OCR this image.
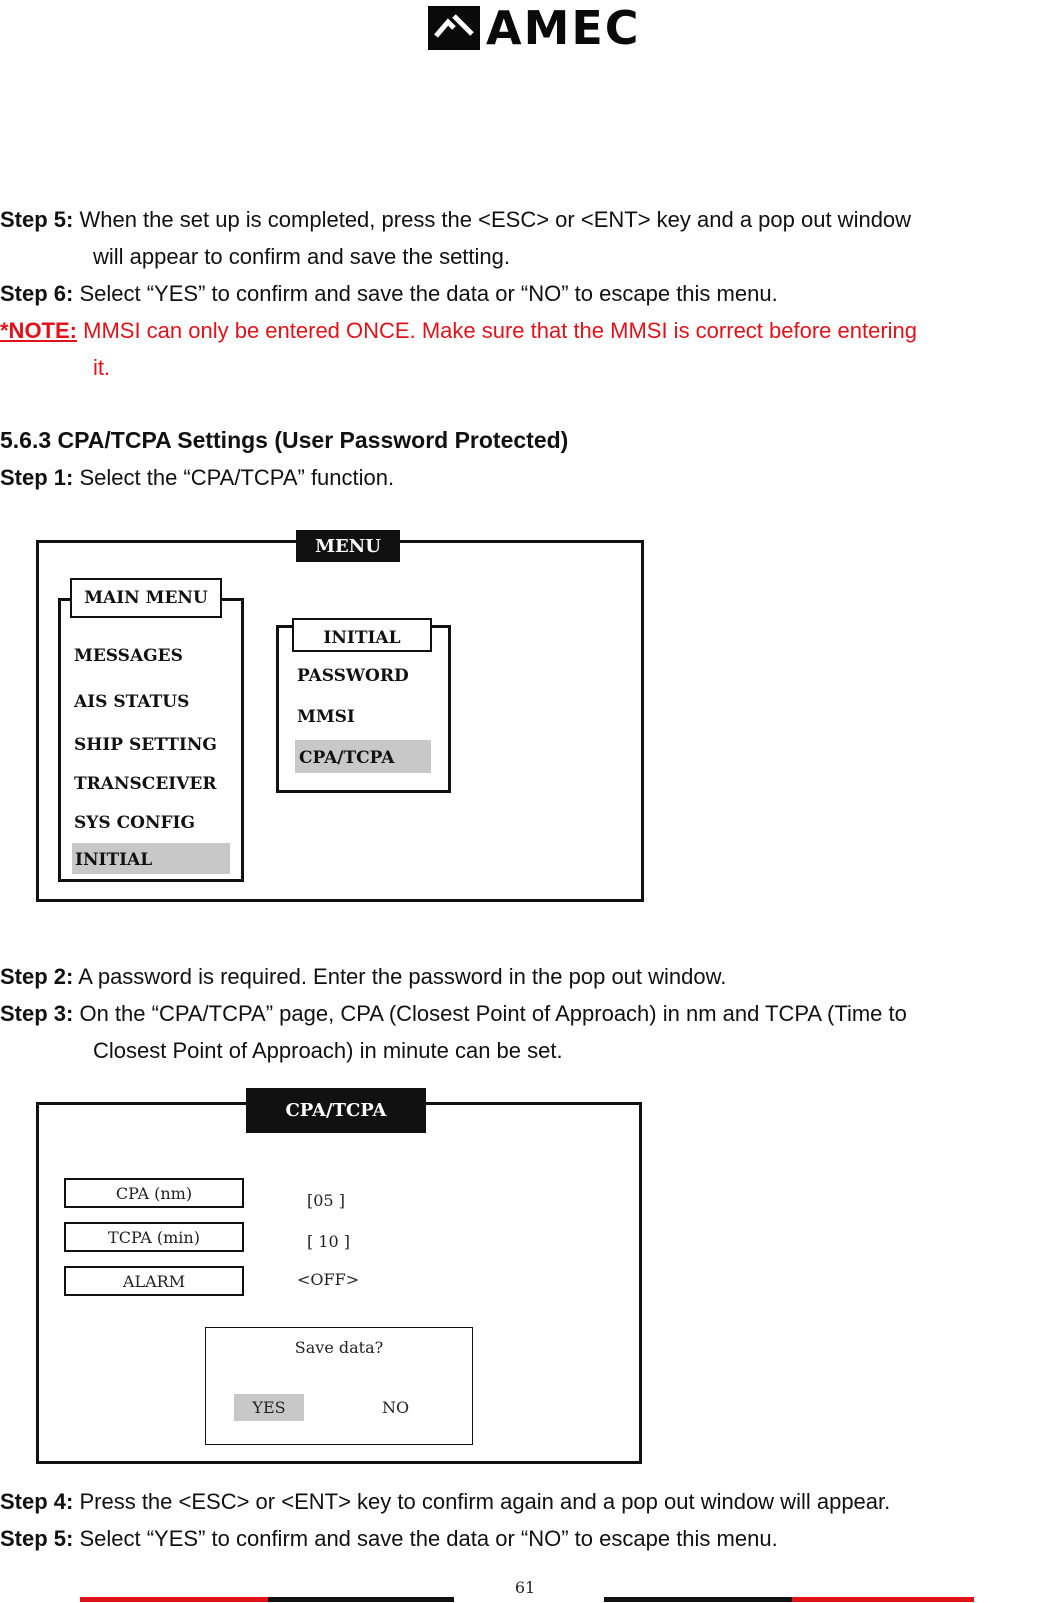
AMEC
Step 5: When the set up is completed, press the <ESC> or <ENT> key and a pop out window
will appear to confirm and save the setting.
Step 6: Select “YES” to confirm and save the data or “NO” to escape this menu.
*NOTE: MMSI can only be entered ONCE. Make sure that the MMSI is correct before entering
it.
5.6.3 CPA/TCPA Settings (User Password Protected)
Step 1: Select the “CPA/TCPA” function.
MENU
MAIN MENU
MESSAGES
AIS STATUS
SHIP SETTING
TRANSCEIVER
SYS CONFIG
INITIAL
INITIAL
PASSWORD
MMSI
CPA/TCPA
Step 2: A password is required. Enter the password in the pop out window.
Step 3: On the “CPA/TCPA” page, CPA (Closest Point of Approach) in nm and TCPA (Time to
Closest Point of Approach) in minute can be set.
CPA/TCPA
CPA (nm)	[05 ]
TCPA (min)	[ 10 ]
ALARM	<OFF>
Save data?
YES	NO
Step 4: Press the <ESC> or <ENT> key to confirm again and a pop out window will appear.
Step 5: Select “YES” to confirm and save the data or “NO” to escape this menu.
61
